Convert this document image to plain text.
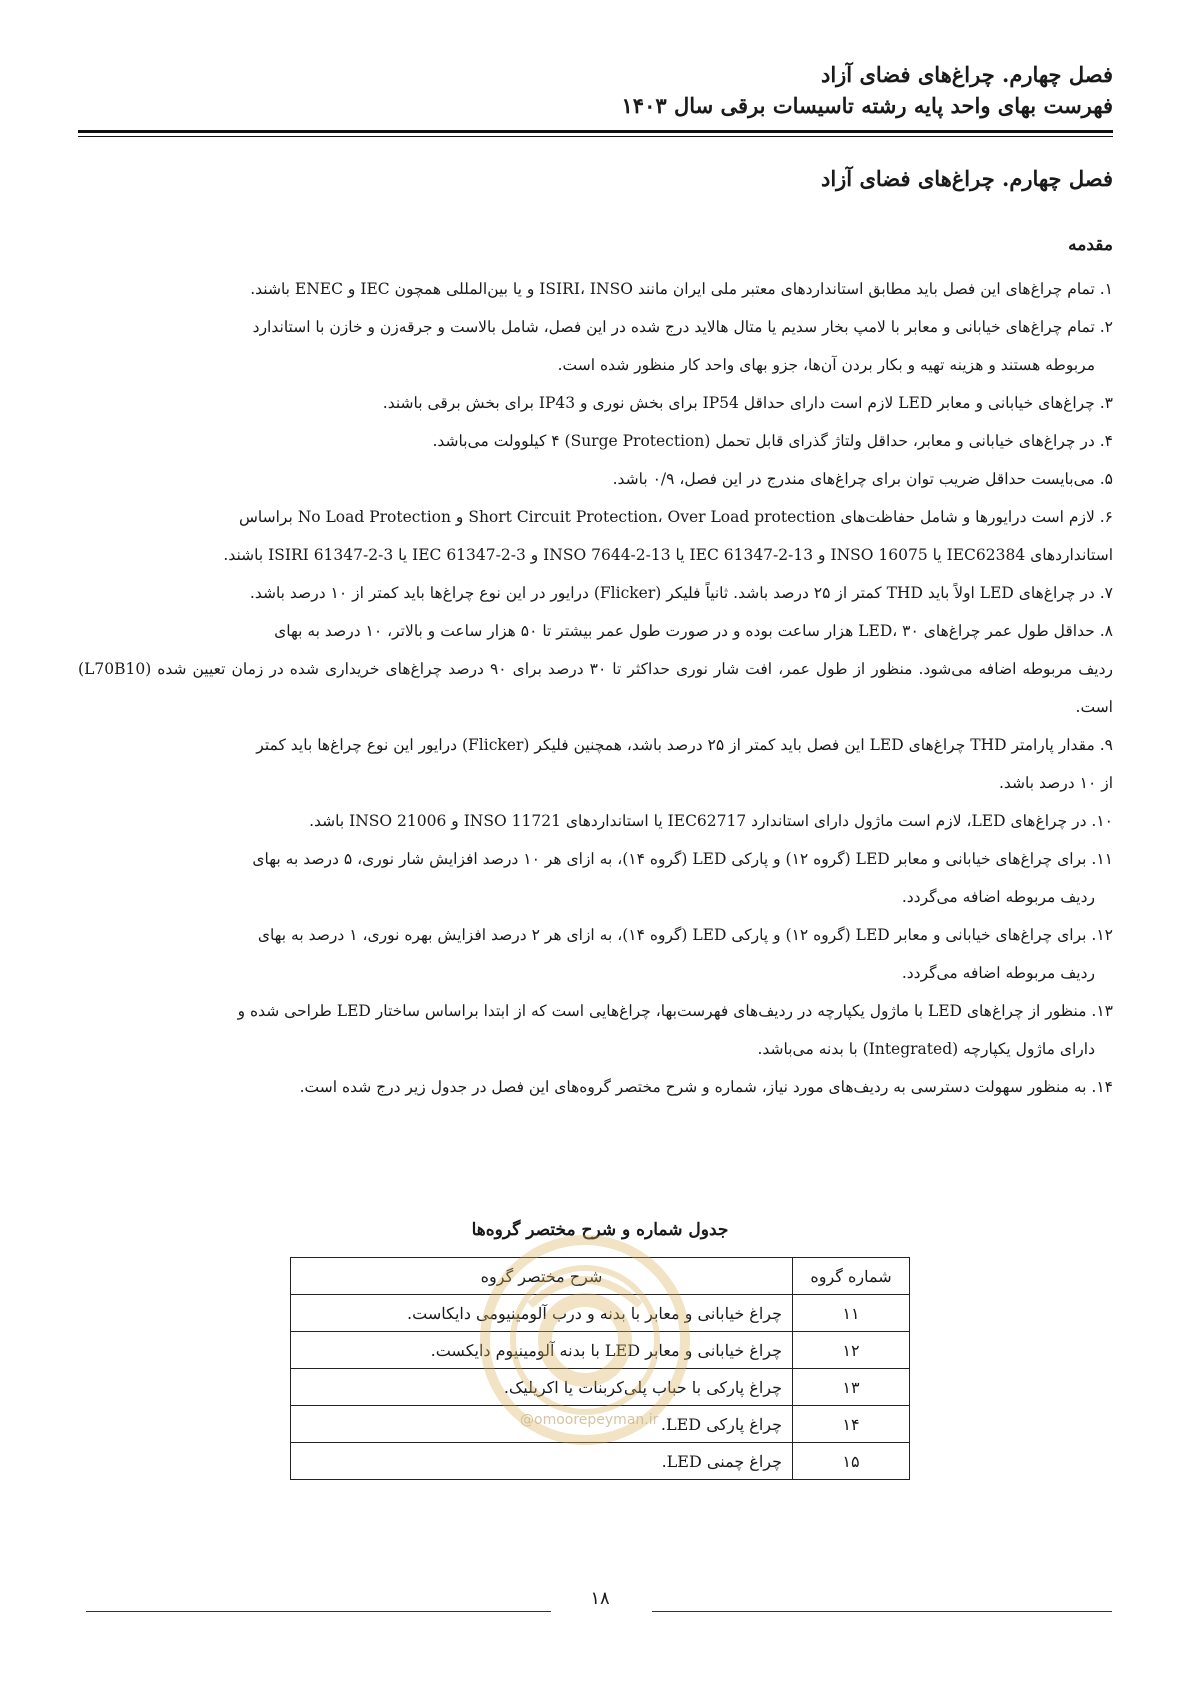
فصل چهارم. چراغ‌های فضای آزاد
فهرست بهای واحد پایه رشته تاسیسات برقی سال ۱۴۰۳
فصل چهارم. چراغ‌های فضای آزاد
مقدمه
۱. تمام چراغ‌های این فصل باید مطابق استانداردهای معتبر ملی ایران مانند ISIRI، INSO و یا بین‌المللی همچون IEC و ENEC باشند.
۲. تمام چراغ‌های خیابانی و معابر با لامپ بخار سدیم یا متال هالاید درج شده در این فصل، شامل بالاست و جرقه‌زن و خازن با استاندارد
مربوطه هستند و هزینه تهیه و بکار بردن آن‌ها، جزو بهای واحد کار منظور شده است.
۳. چراغ‌های خیابانی و معابر LED لازم است دارای حداقل IP54 برای بخش نوری و IP43 برای بخش برقی باشند.
۴. در چراغ‌های خیابانی و معابر، حداقل ولتاژ گذرای قابل تحمل (Surge Protection) ۴ کیلوولت می‌باشد.
۵. می‌بایست حداقل ضریب توان برای چراغ‌های مندرج در این فصل، ۰/۹ باشد.
۶. لازم است درایورها و شامل حفاظت‌های Short Circuit Protection، Over Load protection و No Load Protection براساس
استانداردهای IEC62384 یا INSO 16075 و IEC 61347-2-13 یا INSO 7644-2-13 و IEC 61347-2-3 یا ISIRI 61347-2-3 باشند.
۷. در چراغ‌های LED اولاً باید THD کمتر از ۲۵ درصد باشد. ثانیاً فلیکر (Flicker) درایور در این نوع چراغ‌ها باید کمتر از ۱۰ درصد باشد.
۸. حداقل طول عمر چراغ‌های LED، ۳۰ هزار ساعت بوده و در صورت طول عمر بیشتر تا ۵۰ هزار ساعت و بالاتر، ۱۰ درصد به بهای
ردیف مربوطه اضافه می‌شود. منظور از طول عمر، افت شار نوری حداکثر تا ۳۰ درصد برای ۹۰ درصد چراغ‌های خریداری شده در زمان تعیین شده (L70B10) است.
۹. مقدار پارامتر THD چراغ‌های LED این فصل باید کمتر از ۲۵ درصد باشد، همچنین فلیکر (Flicker) درایور این نوع چراغ‌ها باید کمتر
از ۱۰ درصد باشد.
۱۰. در چراغ‌های LED، لازم است ماژول دارای استاندارد IEC62717 یا استانداردهای INSO 11721 و INSO 21006 باشد.
۱۱. برای چراغ‌های خیابانی و معابر LED (گروه ۱۲) و پارکی LED (گروه ۱۴)، به ازای هر ۱۰ درصد افزایش شار نوری، ۵ درصد به بهای
ردیف مربوطه اضافه می‌گردد.
۱۲. برای چراغ‌های خیابانی و معابر LED (گروه ۱۲) و پارکی LED (گروه ۱۴)، به ازای هر ۲ درصد افزایش بهره نوری، ۱ درصد به بهای
ردیف مربوطه اضافه می‌گردد.
۱۳. منظور از چراغ‌های LED با ماژول یکپارچه در ردیف‌های فهرست‌بها، چراغ‌هایی است که از ابتدا براساس ساختار LED طراحی شده و
دارای ماژول یکپارچه (Integrated) با بدنه می‌باشد.
۱۴. به منظور سهولت دسترسی به ردیف‌های مورد نیاز، شماره و شرح مختصر گروه‌های این فصل در جدول زیر درج شده است.
جدول شماره و شرح مختصر گروه‌ها
شماره گروه	شرح مختصر گروه
۱۱	چراغ خیابانی و معابر با بدنه و درب آلومینیومی دایکاست.
۱۲	چراغ خیابانی و معابر LED با بدنه آلومینیوم دایکست.
۱۳	چراغ پارکی با حباب پلی‌کربنات یا اکریلیک.
۱۴	چراغ پارکی LED.
۱۵	چراغ چمنی LED.
@omoorepeyman.ir
۱۸
